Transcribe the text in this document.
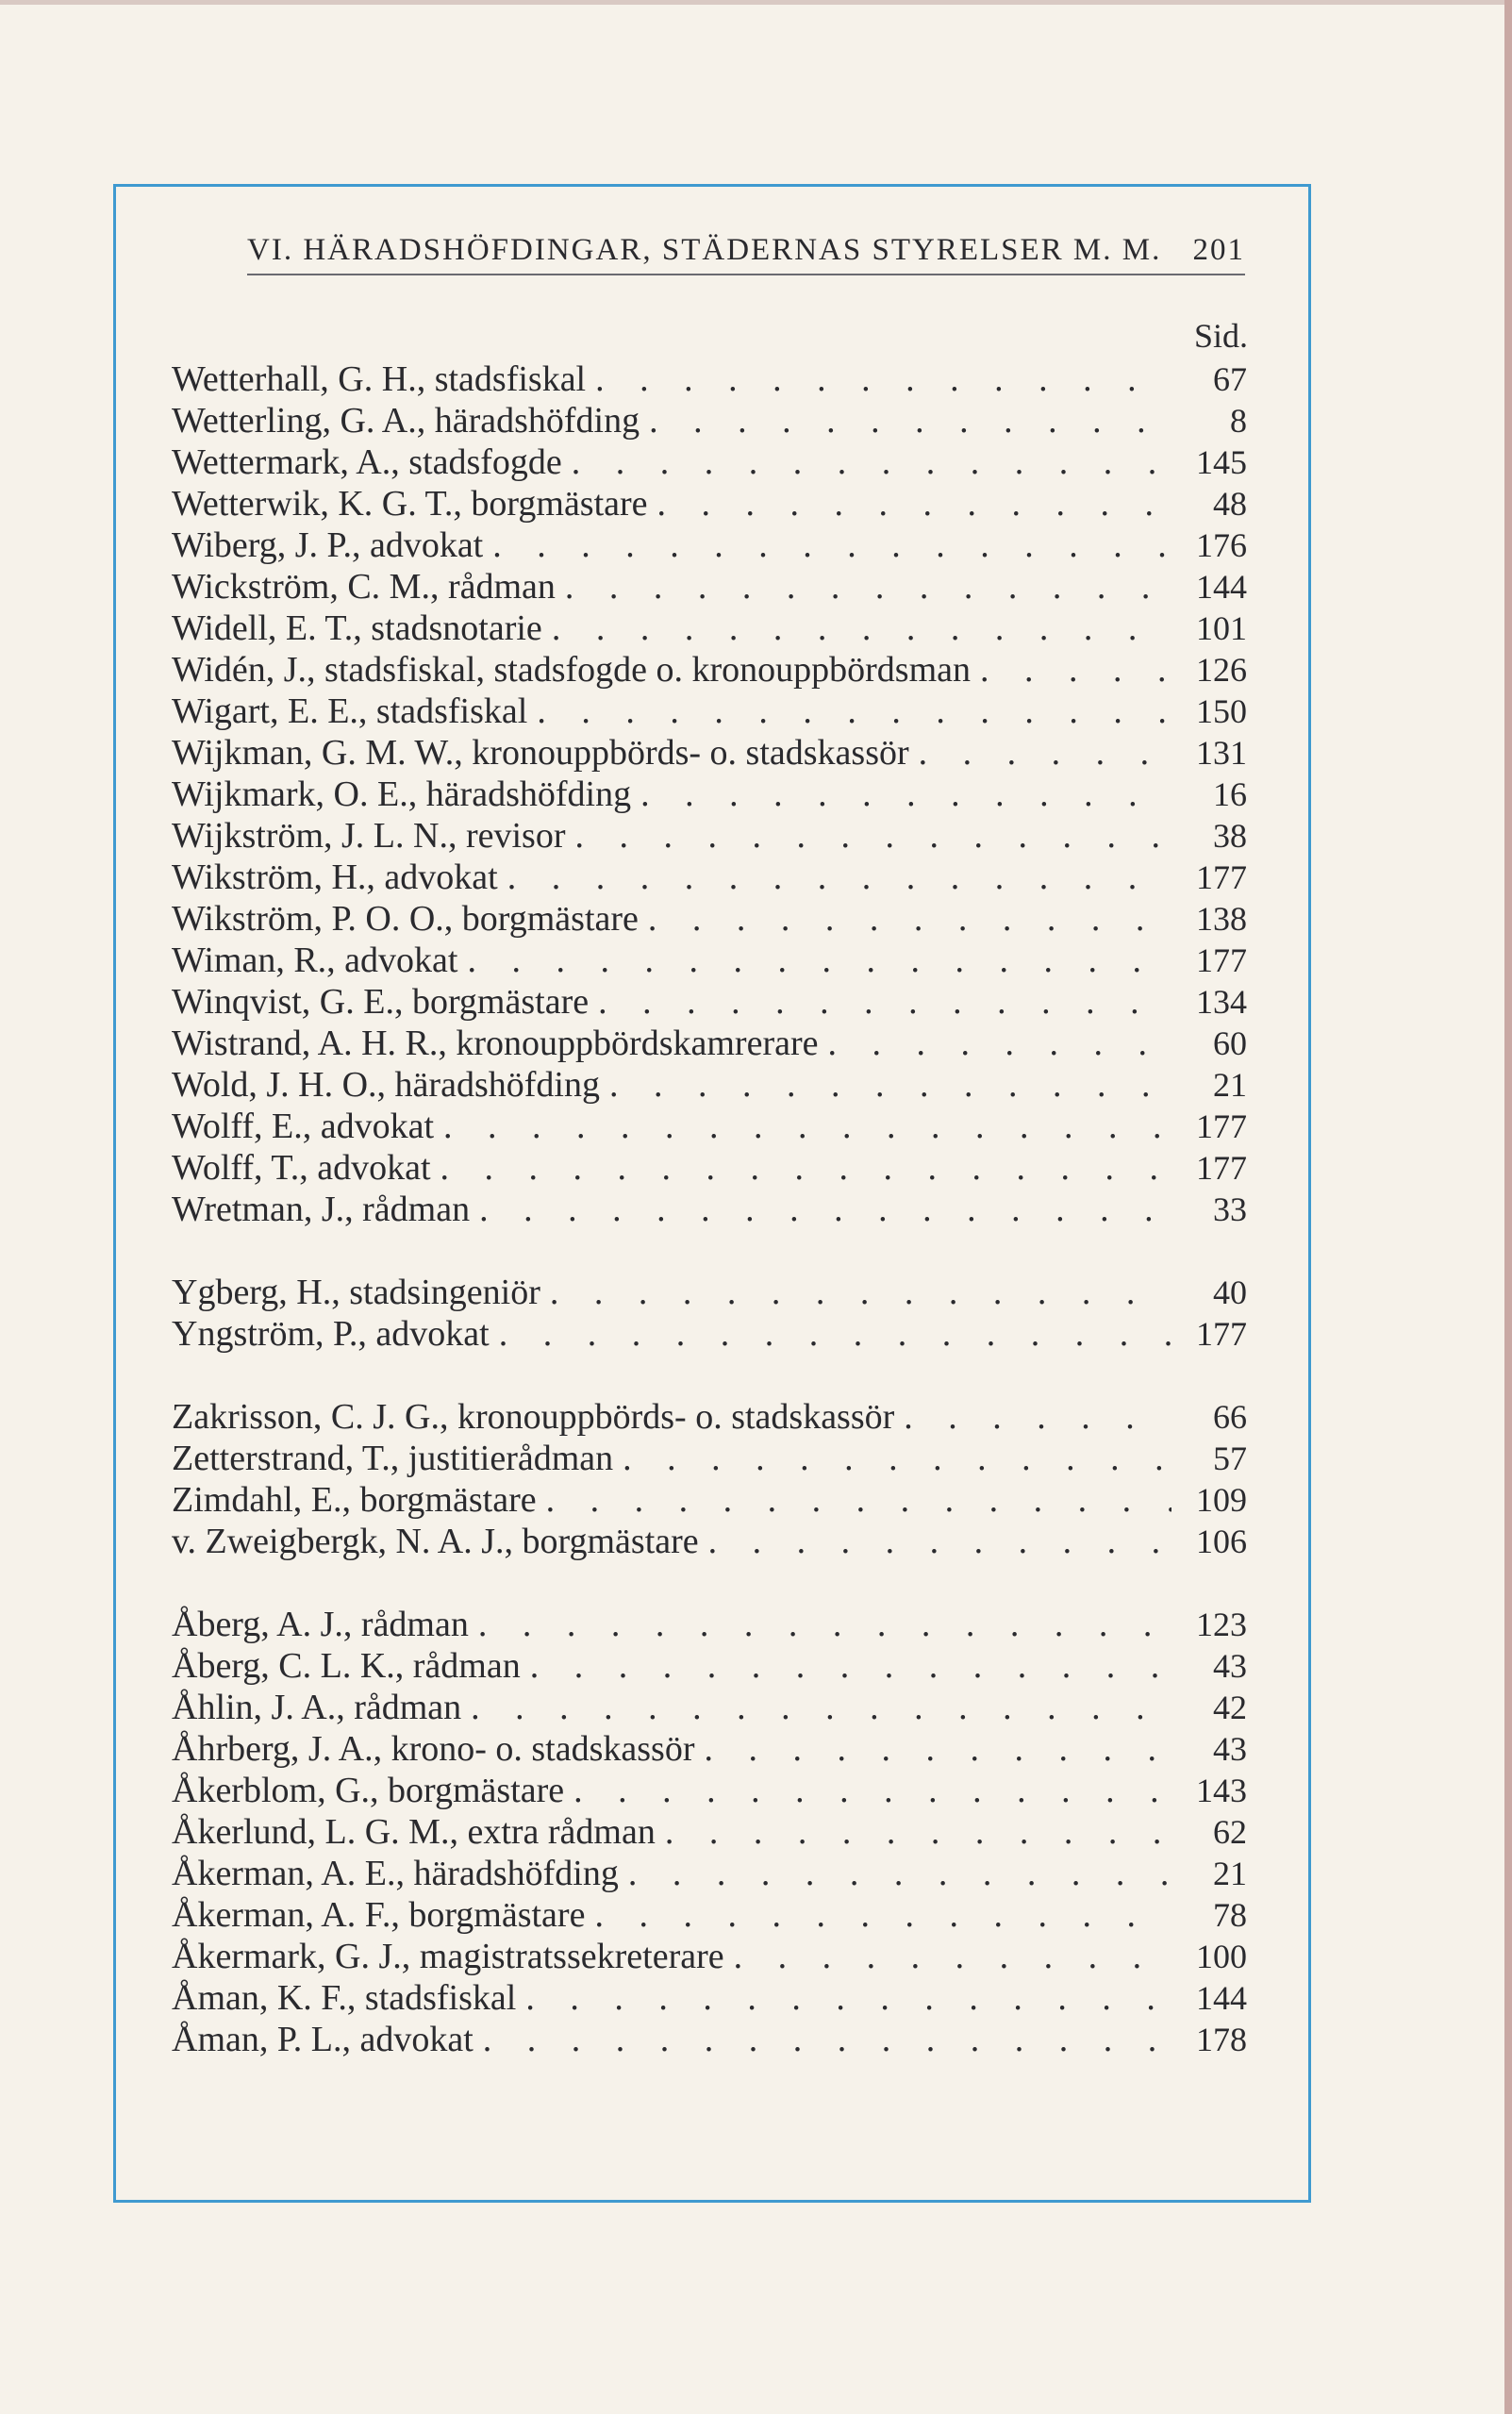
VI. HÄRADSHÖFDINGAR, STÄDERNAS STYRELSER M. M. 201
Sid.
Wetterhall, G. H., stadsfiskal . . .	67
Wetterling, G. A., häradshöfding . . .	8
Wettermark, A., stadsfogde . . .	145
Wetterwik, K. G. T., borgmästare . . .	48
Wiberg, J. P., advokat . . .	176
Wickström, C. M., rådman . . .	144
Widell, E. T., stadsnotarie . . .	101
Widén, J., stadsfiskal, stadsfogde o. kronouppbördsman . . .	126
Wigart, E. E., stadsfiskal . . .	150
Wijkman, G. M. W., kronouppbörds- o. stadskassör . . .	131
Wijkmark, O. E., häradshöfding . . .	16
Wijkström, J. L. N., revisor . . .	38
Wikström, H., advokat . . .	177
Wikström, P. O. O., borgmästare . . .	138
Wiman, R., advokat . . .	177
Winqvist, G. E., borgmästare . . .	134
Wistrand, A. H. R., kronouppbördskamrerare . . .	60
Wold, J. H. O., häradshöfding . . .	21
Wolff, E., advokat . . .	177
Wolff, T., advokat . . .	177
Wretman, J., rådman . . .	33
Ygberg, H., stadsingeniör . . .	40
Yngström, P., advokat . . .	177
Zakrisson, C. J. G., kronouppbörds- o. stadskassör . . .	66
Zetterstrand, T., justitierådman . . .	57
Zimdahl, E., borgmästare . . .	109
v. Zweigbergk, N. A. J., borgmästare . . .	106
Åberg, A. J., rådman . . .	123
Åberg, C. L. K., rådman . . .	43
Åhlin, J. A., rådman . . .	42
Åhrberg, J. A., krono- o. stadskassör . . .	43
Åkerblom, G., borgmästare . . .	143
Åkerlund, L. G. M., extra rådman . . .	62
Åkerman, A. E., häradshöfding . . .	21
Åkerman, A. F., borgmästare . . .	78
Åkermark, G. J., magistratssekreterare . . .	100
Åman, K. F., stadsfiskal . . .	144
Åman, P. L., advokat . . .	178
